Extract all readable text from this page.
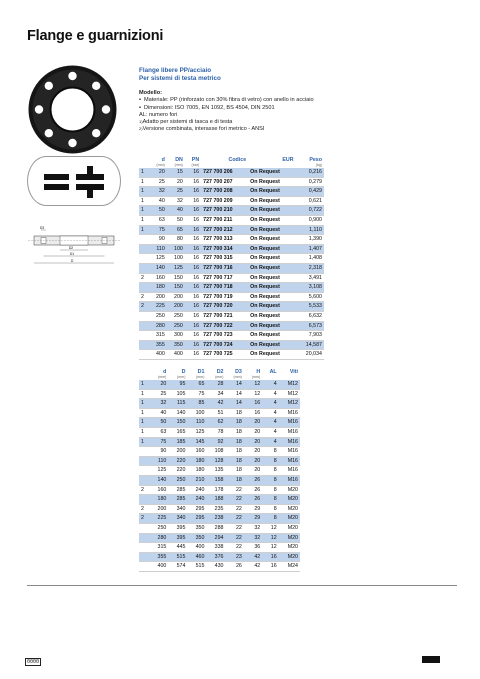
Flange e guarnizioni
D3
D2
D1
D
Flange libere PP/acciaio
Per sistemi di testa metrico
Modello:
• Materiale: PP (rinforzato con 30% fibra di vetro) con anello in acciaio
• Dimensioni: ISO 7005, EN 1092, BS 4504, DIN 2501
AL: numero fori
$^{1)}$Adatto per sistemi di tasca e di testa
$^{2)}$Versione combinata, interasse fori metrico - ANSI
	d	DN	PN	Codice	EUR	Peso
	(mm)	(mm)	(bar)			(kg)
1	20	15	16	727 700 206	On Request	0,216
1	25	20	16	727 700 207	On Request	0,279
1	32	25	16	727 700 208	On Request	0,429
1	40	32	16	727 700 209	On Request	0,621
1	50	40	16	727 700 210	On Request	0,722
1	63	50	16	727 700 211	On Request	0,900
1	75	65	16	727 700 212	On Request	1,110
	90	80	16	727 700 313	On Request	1,390
	110	100	16	727 700 314	On Request	1,407
	125	100	16	727 700 315	On Request	1,408
	140	125	16	727 700 716	On Request	2,318
2	160	150	16	727 700 717	On Request	3,491
	180	150	16	727 700 718	On Request	3,108
2	200	200	16	727 700 719	On Request	5,600
2	225	200	16	727 700 720	On Request	5,533
	250	250	16	727 700 721	On Request	6,632
	280	250	16	727 700 722	On Request	6,573
	315	300	16	727 700 723	On Request	7,903
	355	350	16	727 700 724	On Request	14,587
	400	400	16	727 700 725	On Request	20,034
	d	D	D1	D2	D3	H	AL	Viti
	(mm)	(mm)	(mm)	(mm)	(mm)	(mm)		
1	20	95	65	28	14	12	4	M12
1	25	105	75	34	14	12	4	M12
1	32	115	85	42	14	16	4	M12
1	40	140	100	51	18	16	4	M16
1	50	150	110	62	18	20	4	M16
1	63	165	125	78	18	20	4	M16
1	75	185	145	92	18	20	4	M16
	90	200	160	108	18	20	8	M16
	110	220	180	128	18	20	8	M16
	125	220	180	135	18	20	8	M16
	140	250	210	158	18	26	8	M16
2	160	285	240	178	22	26	8	M20
	180	285	240	188	22	26	8	M20
2	200	340	295	235	22	29	8	M20
2	225	340	295	238	22	29	8	M20
	250	395	350	288	22	32	12	M20
	280	395	350	294	22	32	12	M20
	315	445	400	338	22	36	12	M20
	355	515	460	376	23	42	16	M20
	400	574	515	430	26	42	16	M24
0000
